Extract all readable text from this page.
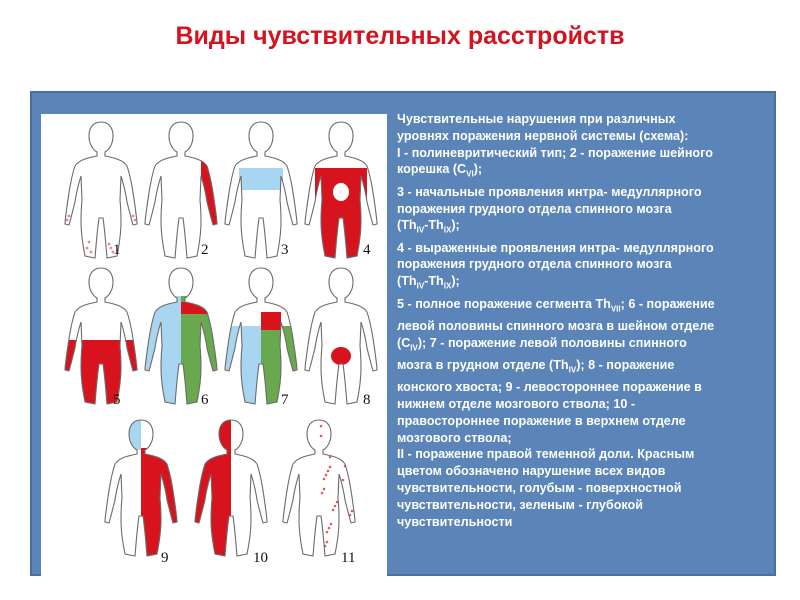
Виды чувствительных расстройств
1	2	3	4
5	6	7	8
9	10	11
Чувствительные нарушения при различных
уровнях поражения нервной системы (схема):
I - полиневритический тип; 2 - поражение шейного
корешка $(C_{VI})$;
3 - начальные проявления интра- медуллярного
поражения грудного отдела спинного мозга
$(Th_{IV}-Th_{IX})$;
4 - выраженные проявления интра- медуллярного
поражения грудного отдела спинного мозга
$(Th_{IV}-Th_{IX})$;
5 - полное поражение сегмента $Th_{VII}$; 6 - поражение
левой половины спинного мозга в шейном отделе
$(C_{IV})$; 7 - поражение левой половины спинного
мозга в грудном отделе $(Th_{IV})$; 8 - поражение
конского хвоста; 9 - левостороннее поражение в
нижнем отделе мозгового ствола; 10 -
правостороннее поражение в верхнем отделе
мозгового ствола;
II - поражение правой теменной доли. Красным
цветом обозначено нарушение всех видов
чувствительности, голубым - поверхностной
чувствительности, зеленым - глубокой
чувствительности
